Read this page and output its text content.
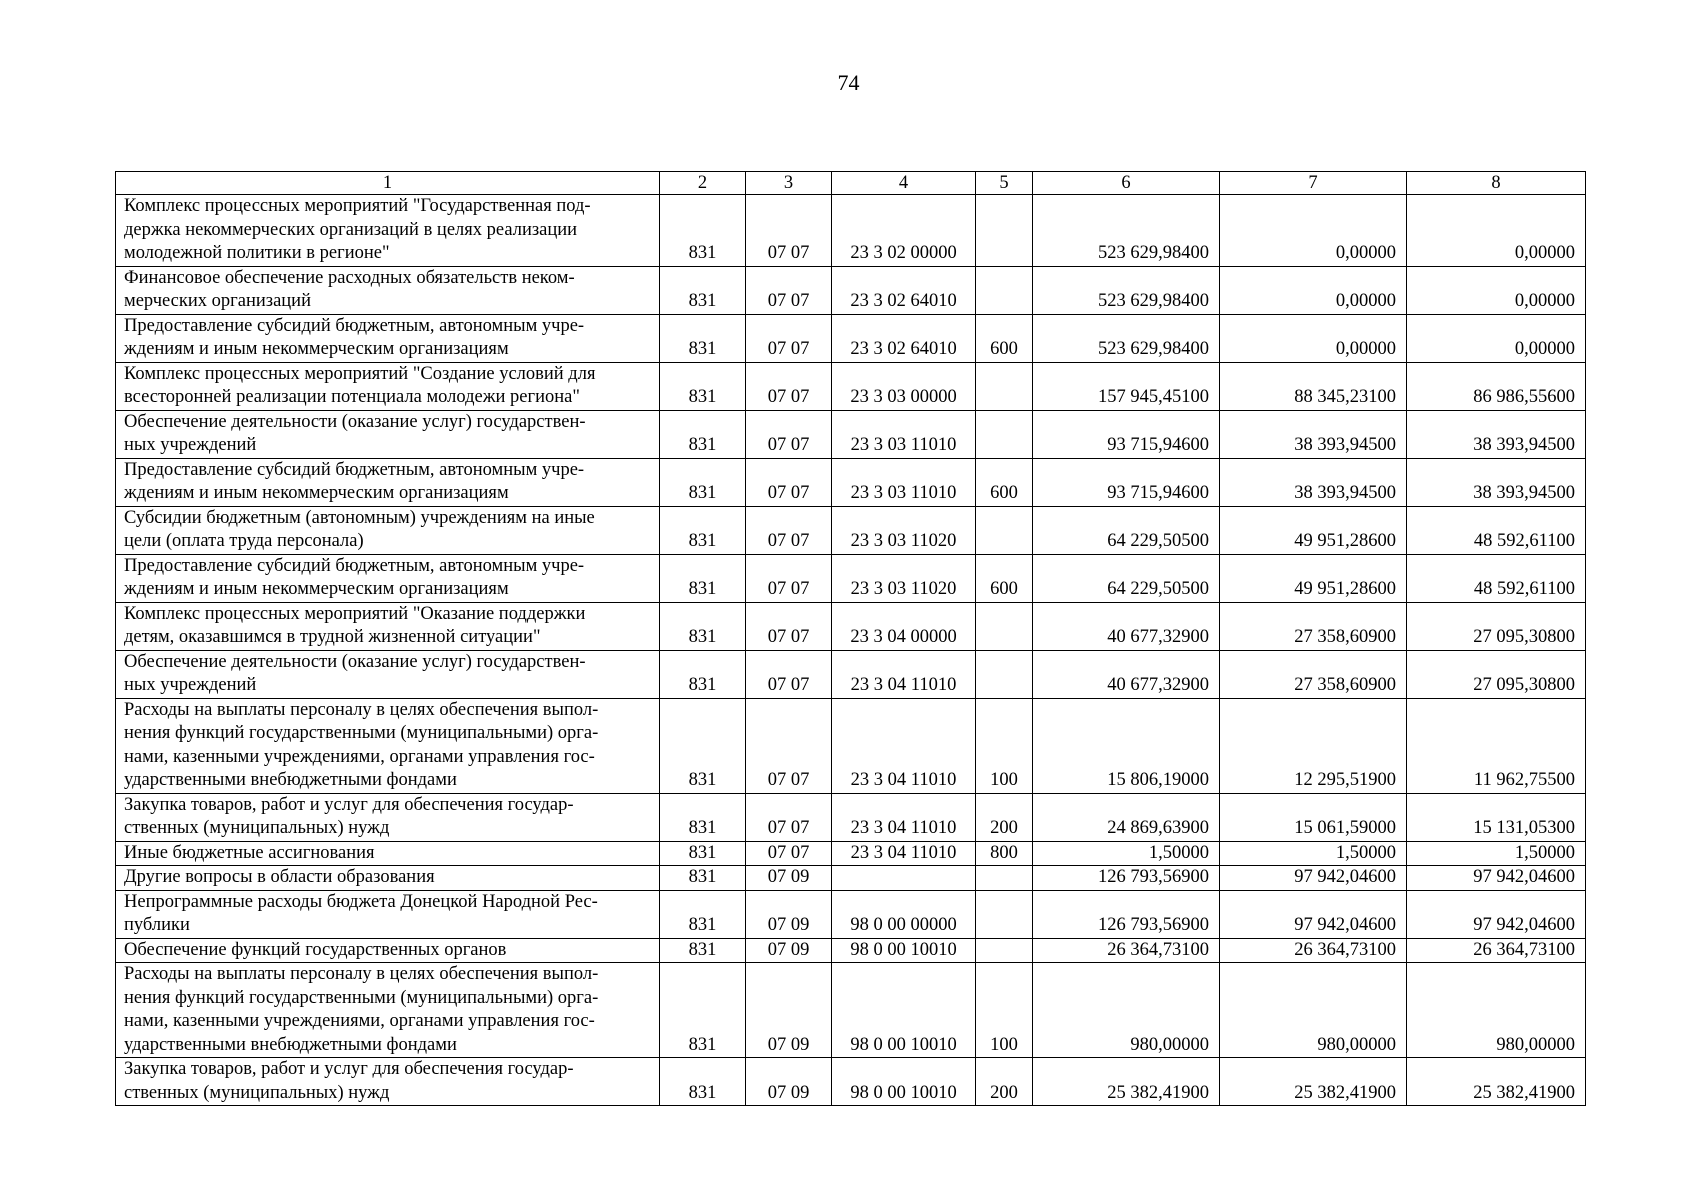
74
1	2	3	4	5	6	7	8

Комплекс процессных мероприятий "Государственная под-
держка некоммерческих организаций в целях реализации
молодежной политики в регионе"	831	07 07	23 3 02 00000		523 629,98400	0,00000	0,00000

Финансовое обеспечение расходных обязательств неком-
мерческих организаций	831	07 07	23 3 02 64010		523 629,98400	0,00000	0,00000

Предоставление субсидий бюджетным, автономным учре-
ждениям и иным некоммерческим организациям	831	07 07	23 3 02 64010	600	523 629,98400	0,00000	0,00000

Комплекс процессных мероприятий "Создание условий для
всесторонней реализации потенциала молодежи региона"	831	07 07	23 3 03 00000		157 945,45100	88 345,23100	86 986,55600

Обеспечение деятельности (оказание услуг) государствен-
ных учреждений	831	07 07	23 3 03 11010		93 715,94600	38 393,94500	38 393,94500

Предоставление субсидий бюджетным, автономным учре-
ждениям и иным некоммерческим организациям	831	07 07	23 3 03 11010	600	93 715,94600	38 393,94500	38 393,94500

Субсидии бюджетным (автономным) учреждениям на иные
цели (оплата труда персонала)	831	07 07	23 3 03 11020		64 229,50500	49 951,28600	48 592,61100

Предоставление субсидий бюджетным, автономным учре-
ждениям и иным некоммерческим организациям	831	07 07	23 3 03 11020	600	64 229,50500	49 951,28600	48 592,61100

Комплекс процессных мероприятий "Оказание поддержки
детям, оказавшимся в трудной жизненной ситуации"	831	07 07	23 3 04 00000		40 677,32900	27 358,60900	27 095,30800

Обеспечение деятельности (оказание услуг) государствен-
ных учреждений	831	07 07	23 3 04 11010		40 677,32900	27 358,60900	27 095,30800

Расходы на выплаты персоналу в целях обеспечения выпол-
нения функций государственными (муниципальными) орга-
нами, казенными учреждениями, органами управления гос-
ударственными внебюджетными фондами	831	07 07	23 3 04 11010	100	15 806,19000	12 295,51900	11 962,75500

Закупка товаров, работ и услуг для обеспечения государ-
ственных (муниципальных) нужд	831	07 07	23 3 04 11010	200	24 869,63900	15 061,59000	15 131,05300

Иные бюджетные ассигнования	831	07 07	23 3 04 11010	800	1,50000	1,50000	1,50000

Другие вопросы в области образования	831	07 09			126 793,56900	97 942,04600	97 942,04600

Непрограммные расходы бюджета Донецкой Народной Рес-
публики	831	07 09	98 0 00 00000		126 793,56900	97 942,04600	97 942,04600

Обеспечение функций государственных органов	831	07 09	98 0 00 10010		26 364,73100	26 364,73100	26 364,73100

Расходы на выплаты персоналу в целях обеспечения выпол-
нения функций государственными (муниципальными) орга-
нами, казенными учреждениями, органами управления гос-
ударственными внебюджетными фондами	831	07 09	98 0 00 10010	100	980,00000	980,00000	980,00000

Закупка товаров, работ и услуг для обеспечения государ-
ственных (муниципальных) нужд	831	07 09	98 0 00 10010	200	25 382,41900	25 382,41900	25 382,41900
